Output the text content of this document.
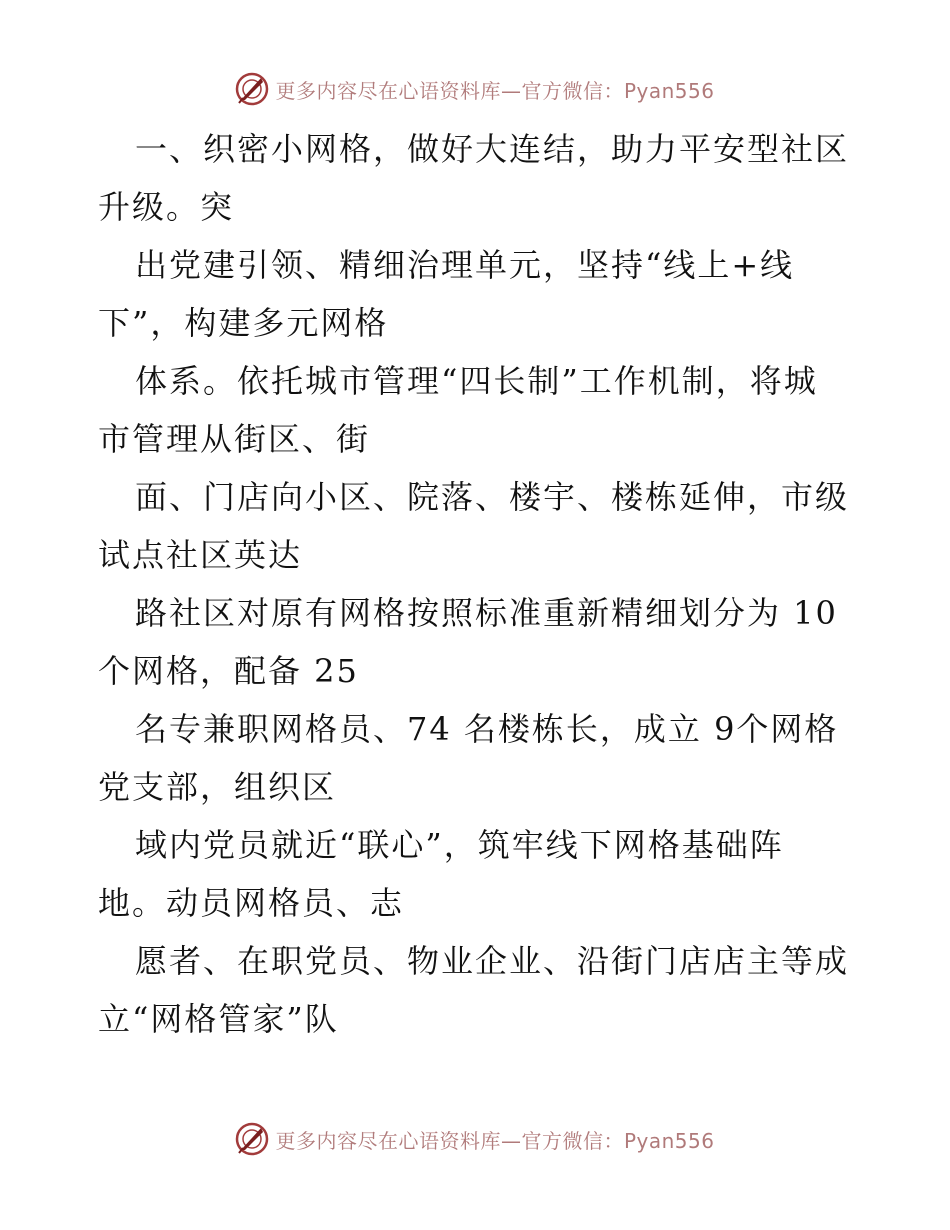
更多内容尽在心语资料库—官方微信：Pyan556

一、织密小网格，做好大连结，助力平安型社区
升级。突

出党建引领、精细治理单元，坚持“线上+线
下”，构建多元网格

体系。依托城市管理“四长制”工作机制，将城
市管理从街区、街

面、门店向小区、院落、楼宇、楼栋延伸，市级
试点社区英达

路社区对原有网格按照标准重新精细划分为 10
个网格，配备 25

名专兼职网格员、74 名楼栋长，成立 9个网格
党支部，组织区

域内党员就近“联心”，筑牢线下网格基础阵
地。动员网格员、志

愿者、在职党员、物业企业、沿街门店店主等成
立“网格管家”队

更多内容尽在心语资料库—官方微信：Pyan556
